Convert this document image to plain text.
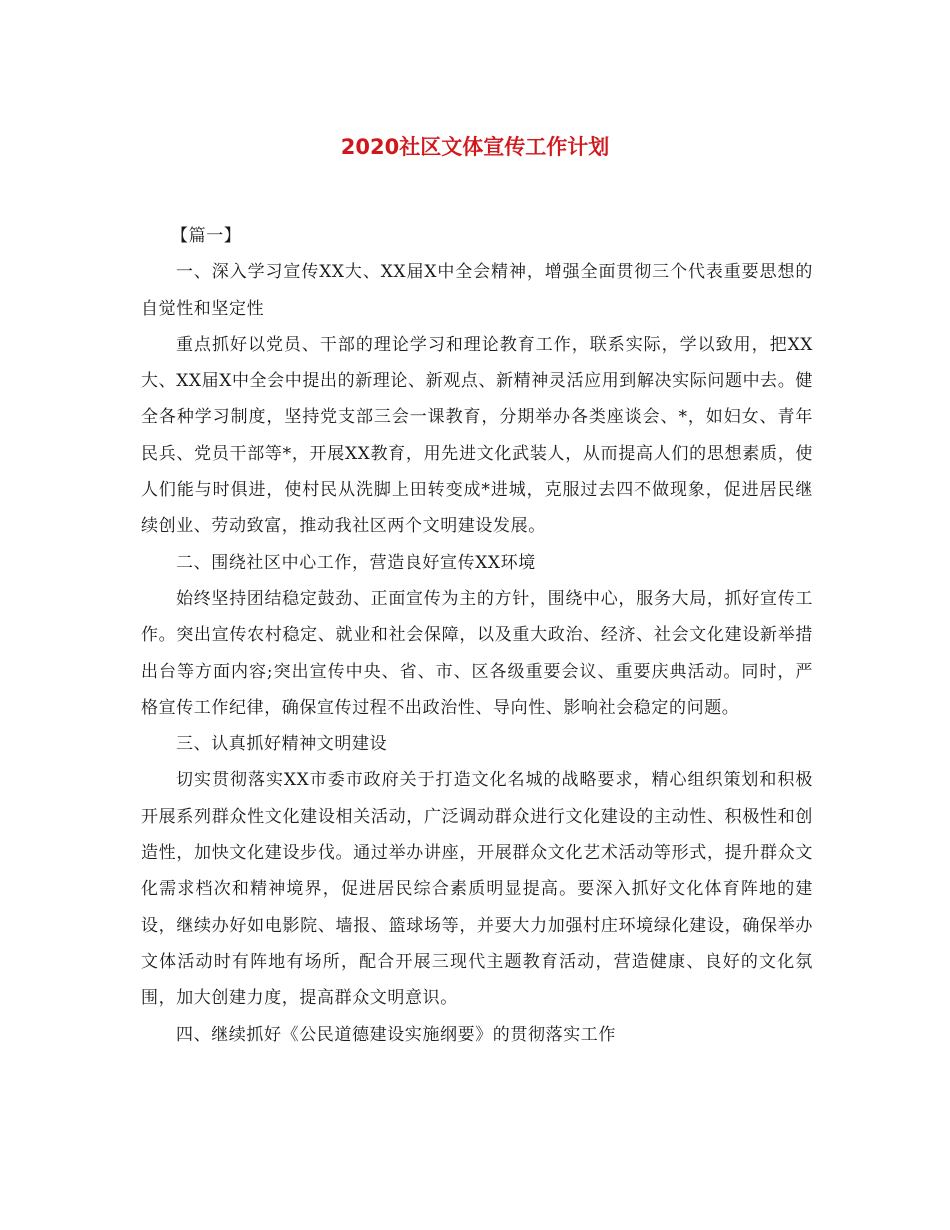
2020社区文体宣传工作计划

【篇一】

一、深入学习宣传XX大、XX届X中全会精神，增强全面贯彻三个代表重要思想的自觉性和坚定性

重点抓好以党员、干部的理论学习和理论教育工作，联系实际，学以致用，把XX大、XX届X中全会中提出的新理论、新观点、新精神灵活应用到解决实际问题中去。健全各种学习制度，坚持党支部三会一课教育，分期举办各类座谈会、*，如妇女、青年民兵、党员干部等*，开展XX教育，用先进文化武装人，从而提高人们的思想素质，使人们能与时俱进，使村民从洗脚上田转变成*进城，克服过去四不做现象，促进居民继续创业、劳动致富，推动我社区两个文明建设发展。

二、围绕社区中心工作，营造良好宣传XX环境

始终坚持团结稳定鼓劲、正面宣传为主的方针，围绕中心，服务大局，抓好宣传工作。突出宣传农村稳定、就业和社会保障，以及重大政治、经济、社会文化建设新举措出台等方面内容;突出宣传中央、省、市、区各级重要会议、重要庆典活动。同时，严格宣传工作纪律，确保宣传过程不出政治性、导向性、影响社会稳定的问题。

三、认真抓好精神文明建设

切实贯彻落实XX市委市政府关于打造文化名城的战略要求，精心组织策划和积极开展系列群众性文化建设相关活动，广泛调动群众进行文化建设的主动性、积极性和创造性，加快文化建设步伐。通过举办讲座，开展群众文化艺术活动等形式，提升群众文化需求档次和精神境界，促进居民综合素质明显提高。要深入抓好文化体育阵地的建设，继续办好如电影院、墙报、篮球场等，并要大力加强村庄环境绿化建设，确保举办文体活动时有阵地有场所，配合开展三现代主题教育活动，营造健康、良好的文化氛围，加大创建力度，提高群众文明意识。

四、继续抓好《公民道德建设实施纲要》的贯彻落实工作
